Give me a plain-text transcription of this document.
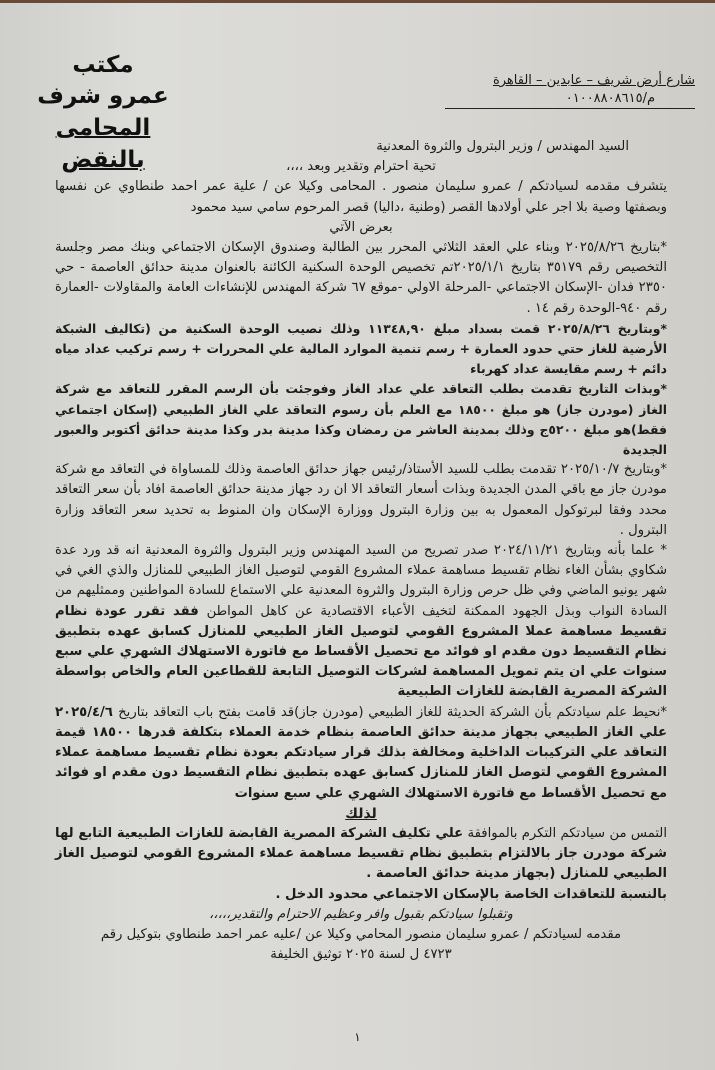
مكتب
عمرو شرف
المحامى بالنقض
شارع أرض شريف – عابدين – القاهرة
م/٠١٠٠٨٨٠٨٦١٥

السيد المهندس / وزير البترول والثروة المعدنية

تحية احترام وتقدير وبعد ،،،،

يتشرف مقدمه لسيادتكم / عمرو سليمان منصور . المحامى وكيلا عن / علية عمر احمد طنطاوي عن نفسها وبصفتها وصية بلا اجر علي أولادها القصر (وطنية ،داليا) قصر المرحوم سامي سيد محمود

بعرض الآتي

*بتاريخ ٢٠٢٥/٨/٢٦ وبناء علي العقد الثلاثي المحرر بين الطالبة وصندوق الإسكان الاجتماعي وبنك مصر وجلسة التخصيص رقم ٣٥١٧٩ بتاريخ ٢٠٢٥/١/١تم تخصيص الوحدة السكنية الكائنة بالعنوان مدينة حدائق العاصمة - حي ٢٣٥٠ فدان -الإسكان الاجتماعي -المرحلة الاولي -موقع ٦٧ شركة المهندس للإنشاءات العامة والمقاولات -العمارة رقم ٩٤٠-الوحدة رقم ١٤ .

*وبتاريخ ٢٠٢٥/٨/٢٦ قمت بسداد مبلغ ١١٣٤٨,٩٠ وذلك نصيب الوحدة السكنية من (تكاليف الشبكة الأرضية للغاز حتي حدود العمارة + رسم تنمية الموارد المالية علي المحررات + رسم تركيب عداد مياه دائم + رسم مقايسة عداد كهرباء

*وبذات التاريخ تقدمت بطلب التعاقد علي عداد الغاز وفوجئت بأن الرسم المقرر للتعاقد مع شركة الغاز (مودرن جاز) هو مبلغ ١٨٥٠٠ مع العلم بأن رسوم التعاقد علي الغاز الطبيعي (إسكان اجتماعي فقط)هو مبلغ ٥٢٠٠ج وذلك بمدينة العاشر من رمضان وكذا مدينة بدر وكذا مدينة حدائق أكتوبر والعبور الجديدة

*وبتاريخ ٢٠٢٥/١٠/٧ تقدمت بطلب للسيد الأستاذ/رئيس جهاز حدائق العاصمة وذلك للمساواة في التعاقد مع شركة مودرن جاز مع باقي المدن الجديدة وبذات أسعار التعاقد الا ان رد جهاز مدينة حدائق العاصمة افاد بأن سعر التعاقد محدد وفقا لبرتوكول المعمول به بين وزارة البترول ووزارة الإسكان وان المنوط به تحديد سعر التعاقد وزارة البترول .

* علما بأنه وبتاريخ ٢٠٢٤/١١/٢١ صدر تصريح من السيد المهندس وزير البترول والثروة المعدنية انه قد ورد عدة شكاوي بشأن الغاء نظام تقسيط مساهمة عملاء المشروع القومي لتوصيل الغاز الطبيعي للمنازل والذي الغي في شهر يونيو الماضي وفي ظل حرص وزارة البترول والثروة المعدنية علي الاستماع للسادة المواطنين وممثليهم من السادة النواب وبذل الجهود الممكنة لتخيف الأعباء الاقتصادية عن كاهل المواطن فقد تقرر عودة نظام تقسيط مساهمة عملا المشروع القومي لتوصيل الغاز الطبيعي للمنازل كسابق عهده بتطبيق نظام التقسيط دون مقدم او فوائد مع تحصيل الأقساط مع فاتورة الاستهلاك الشهري علي سبع سنوات علي ان يتم تمويل المساهمة لشركات التوصيل التابعة للقطاعين العام والخاص بواسطة الشركة المصرية القابضة للغازات الطبيعية

*نحيط علم سيادتكم بأن الشركة الحديثة للغاز الطبيعي (مودرن جاز)قد قامت بفتح باب التعاقد بتاريخ ٢٠٢٥/٤/٦ علي الغاز الطبيعي بجهاز مدينة حدائق العاصمة بنظام خدمة العملاء بتكلفة قدرها ١٨٥٠٠ قيمة التعاقد علي التركيبات الداخلية ومخالفة بذلك قرار سيادتكم بعودة نظام تقسيط مساهمة عملاء المشروع القومي لتوصل الغاز للمنازل كسابق عهده بتطبيق نظام التقسيط دون مقدم او فوائد مع تحصيل الأقساط مع فاتورة الاستهلاك الشهري علي سبع سنوات

لذلك

التمس من سيادتكم التكرم بالموافقة علي تكليف الشركة المصرية القابضة للغازات الطبيعية التابع لها شركة مودرن جاز بالالتزام بتطبيق نظام تقسيط مساهمة عملاء المشروع القومي لتوصيل الغاز الطبيعي للمنازل (بجهاز مدينة حدائق العاصمة .

بالنسبة للتعاقدات الخاصة بالإسكان الاجتماعي محدود الدخل .

وتقبلوا سيادتكم بقبول وافر وعظيم الاحترام والتقدير،،،،،

مقدمه لسيادتكم / عمرو سليمان منصور المحامي وكيلا عن /عليه عمر احمد طنطاوي بتوكيل رقم

٤٧٢٣ ل لسنة ٢٠٢٥ توثيق الخليفة

١
